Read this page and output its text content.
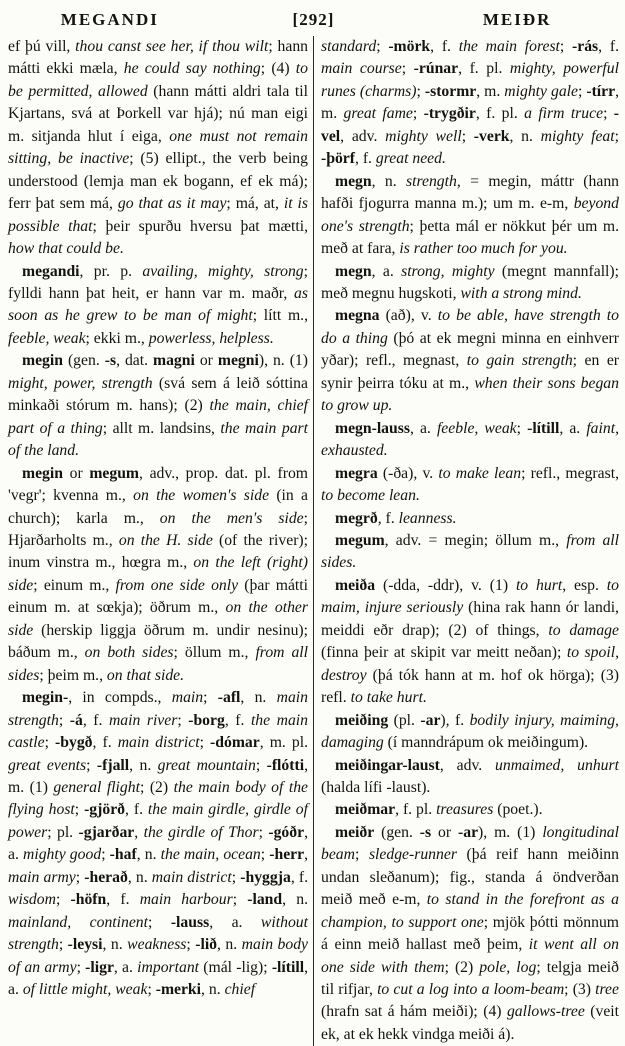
MEGANDI	[292]	MEIÐR

ef þú vill, thou canst see her, if thou wilt; hann mátti ekki mæla, he could say nothing; (4) to be permitted, allowed (hann mátti aldri tala til Kjartans, svá at Þorkell var hjá); nú man eigi m. sitjanda hlut í eiga, one must not remain sitting, be inactive; (5) ellipt., the verb being understood (lemja man ek bogann, ef ek má); ferr þat sem má, go that as it may; má, at, it is possible that; þeir spurðu hversu þat mætti, how that could be.

megandi, pr. p. availing, mighty, strong; fylldi hann þat heit, er hann var m. maðr, as soon as he grew to be man of might; lítt m., feeble, weak; ekki m., powerless, helpless.

megin (gen. -s, dat. magni or megni), n. (1) might, power, strength (svá sem á leið sóttina minkaði stórum m. hans); (2) the main, chief part of a thing; allt m. landsins, the main part of the land.

megin or megum, adv., prop. dat. pl. from 'vegr'; kvenna m., on the women's side (in a church); karla m., on the men's side; Hjarðarholts m., on the H. side (of the river); inum vinstra m., hœgra m., on the left (right) side; einum m., from one side only (þar mátti einum m. at sœkja); öðrum m., on the other side (herskip liggja öðrum m. undir nesinu); báðum m., on both sides; öllum m., from all sides; þeim m., on that side.

megin-, in compds., main; -afl, n. main strength; -á, f. main river; -borg, f. the main castle; -bygð, f. main district; -dómar, m. pl. great events; -fjall, n. great mountain; -flótti, m. (1) general flight; (2) the main body of the flying host; -gjörð, f. the main girdle, girdle of power; pl. -gjarðar, the girdle of Thor; -góðr, a. mighty good; -haf, n. the main, ocean; -herr, main army; -herað, n. main district; -hyggja, f. wisdom; -höfn, f. main harbour; -land, n. mainland, continent; -lauss, a. without strength; -leysi, n. weakness; -lið, n. main body of an army; -ligr, a. important (mál -lig); -lítill, a. of little might, weak; -merki, n. chief

standard; -mörk, f. the main forest; -rás, f. main course; -rúnar, f. pl. mighty, powerful runes (charms); -stormr, m. mighty gale; -tírr, m. great fame; -trygðir, f. pl. a firm truce; -vel, adv. mighty well; -verk, n. mighty feat; -þörf, f. great need.

megn, n. strength, = megin, máttr (hann hafði fjogurra manna m.); um m. e-m, beyond one's strength; þetta mál er nökkut þér um m. með at fara, is rather too much for you.

megn, a. strong, mighty (megnt mannfall); með megnu hugskoti, with a strong mind.

megna (að), v. to be able, have strength to do a thing (þó at ek megni minna en einhverr yðar); refl., megnast, to gain strength; en er synir þeirra tóku at m., when their sons began to grow up.

megn-lauss, a. feeble, weak; -lítill, a. faint, exhausted.

megra (-ða), v. to make lean; refl., megrast, to become lean.

megrð, f. leanness.

megum, adv. = megin; öllum m., from all sides.

meiða (-dda, -ddr), v. (1) to hurt, esp. to maim, injure seriously (hina rak hann ór landi, meiddi eðr drap); (2) of things, to damage (finna þeir at skipit var meitt neðan); to spoil, destroy (þá tók hann at m. hof ok hörga); (3) refl. to take hurt.

meiðing (pl. -ar), f. bodily injury, maiming, damaging (í manndrápum ok meiðingum).

meiðingar-laust, adv. unmaimed, unhurt (halda lífi -laust).

meiðmar, f. pl. treasures (poet.).

meiðr (gen. -s or -ar), m. (1) longitudinal beam; sledge-runner (þá reif hann meiðinn undan sleðanum); fig., standa á öndverðan meið með e-m, to stand in the forefront as a champion, to support one; mjök þótti mönnum á einn meið hallast með þeim, it went all on one side with them; (2) pole, log; telgja meið til rifjar, to cut a log into a loom-beam; (3) tree (hrafn sat á hám meiði); (4) gallows-tree (veit ek, at ek hekk vindga meiði á).
